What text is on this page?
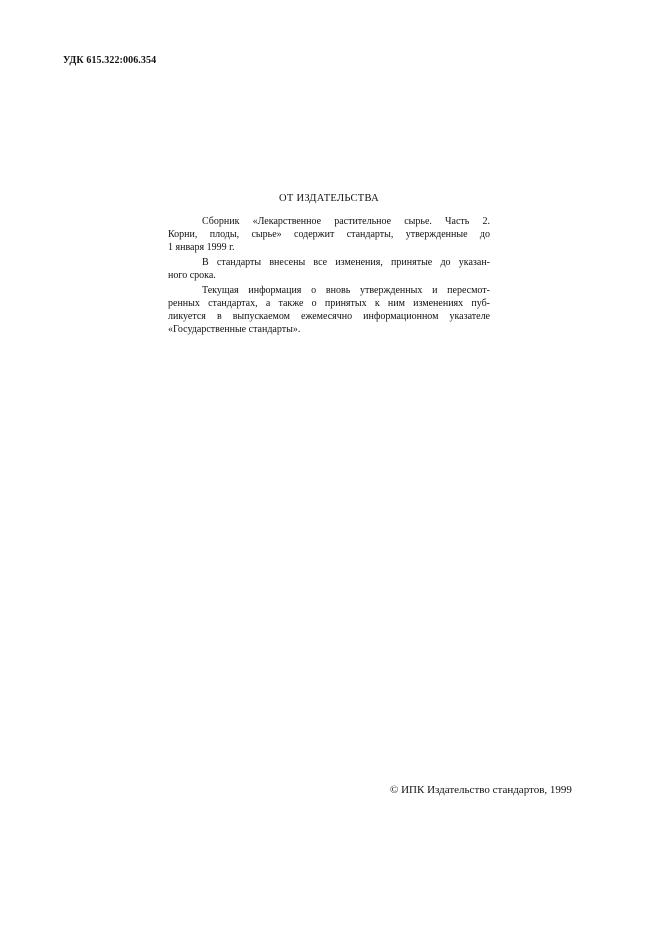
УДК 615.322:006.354
ОТ ИЗДАТЕЛЬСТВА
Сборник «Лекарственное растительное сырье. Часть 2.
Корни, плоды, сырье» содержит стандарты, утвержденные до
1 января 1999 г.
В стандарты внесены все изменения, принятые до указан-
ного срока.
Текущая информация о вновь утвержденных и пересмот-
ренных стандартах, а также о принятых к ним изменениях пуб-
ликуется в выпускаемом ежемесячно информационном указателе
«Государственные стандарты».
© ИПК Издательство стандартов, 1999
